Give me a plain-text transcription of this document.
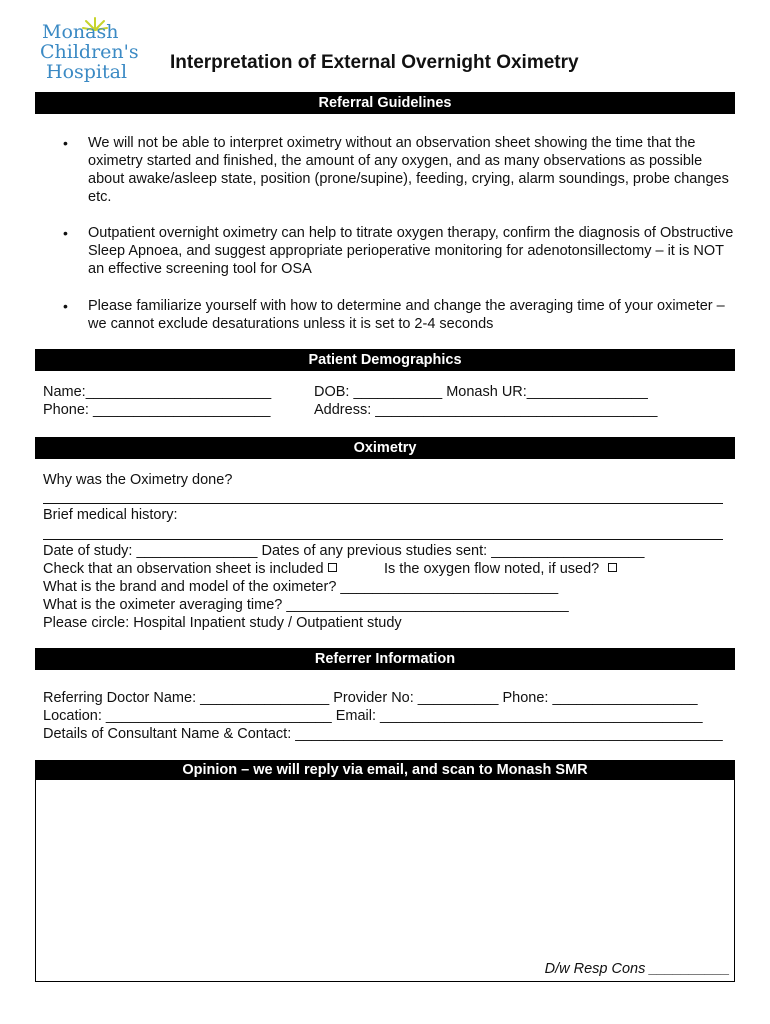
Monash
Children's
Hospital Interpretation of External Overnight Oximetry
Referral Guidelines
• We will not be able to interpret oximetry without an observation sheet showing the time that the oximetry started and finished, the amount of any oxygen, and as many observations as possible about awake/asleep state, position (prone/supine), feeding, crying, alarm soundings, probe changes etc.
• Outpatient overnight oximetry can help to titrate oxygen therapy, confirm the diagnosis of Obstructive Sleep Apnoea, and suggest appropriate perioperative monitoring for adenotonsillectomy – it is NOT an effective screening tool for OSA
• Please familiarize yourself with how to determine and change the averaging time of your oximeter – we cannot exclude desaturations unless it is set to 2-4 seconds
Patient Demographics
Name:_______________________
Phone: ______________________
DOB: ___________ Monash UR:_______________
Address: ___________________________________
Oximetry
Why was the Oximetry done?
Brief medical history:
Date of study: _______________ Dates of any previous studies sent: ___________________
Check that an observation sheet is included	Is the oxygen flow noted, if used?
What is the brand and model of the oximeter? ___________________________
What is the oximeter averaging time? ___________________________________
Please circle: Hospital Inpatient study / Outpatient study
Referrer Information
Referring Doctor Name: ________________ Provider No: __________ Phone: __________________
Location: ____________________________ Email: ________________________________________
Details of Consultant Name & Contact: _____________________________________________________
Opinion – we will reply via email, and scan to Monash SMR
D/w Resp Cons __________
